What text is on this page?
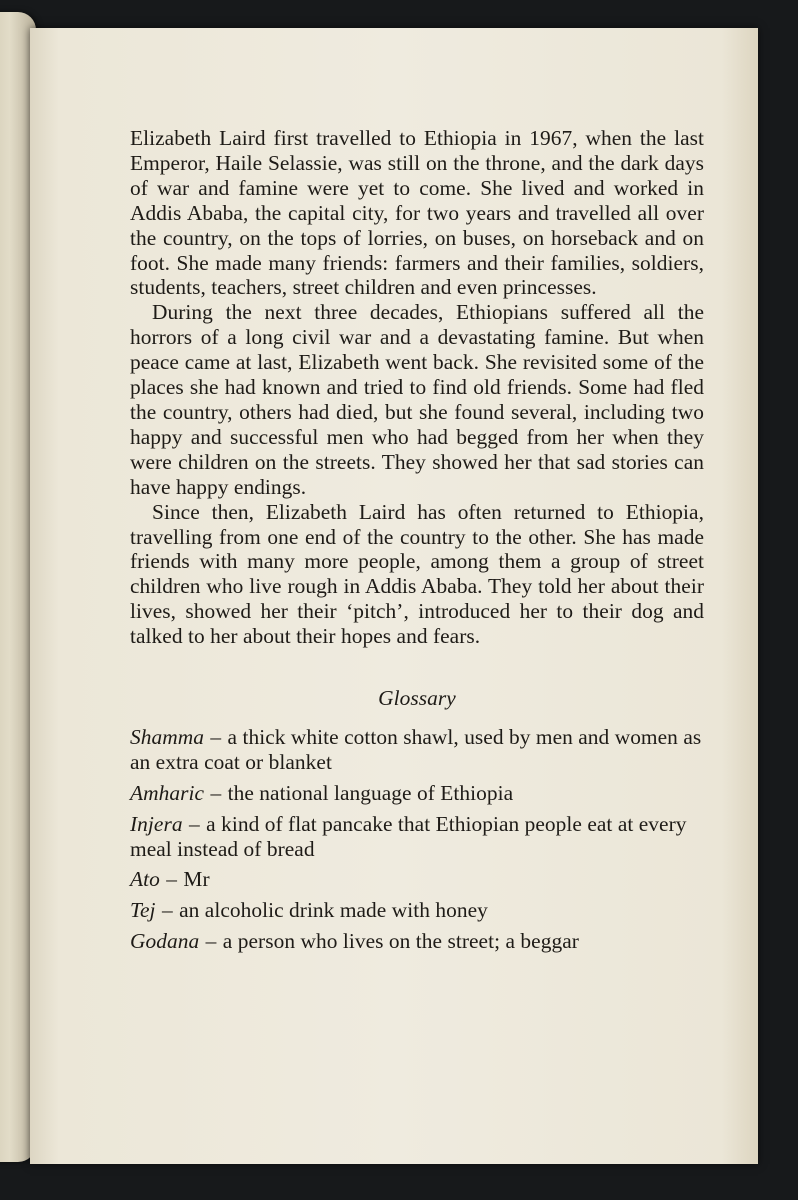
Elizabeth Laird first travelled to Ethiopia in 1967, when the last Emperor, Haile Selassie, was still on the throne, and the dark days of war and famine were yet to come. She lived and worked in Addis Ababa, the capital city, for two years and travelled all over the country, on the tops of lorries, on buses, on horseback and on foot. She made many friends: farmers and their families, soldiers, students, teachers, street children and even princesses.

During the next three decades, Ethiopians suffered all the horrors of a long civil war and a devastating famine. But when peace came at last, Elizabeth went back. She revisited some of the places she had known and tried to find old friends. Some had fled the country, others had died, but she found several, including two happy and successful men who had begged from her when they were children on the streets. They showed her that sad stories can have happy endings.

Since then, Elizabeth Laird has often returned to Ethiopia, travelling from one end of the country to the other. She has made friends with many more people, among them a group of street children who live rough in Addis Ababa. They told her about their lives, showed her their ‘pitch’, introduced her to their dog and talked to her about their hopes and fears.

Glossary

Shamma – a thick white cotton shawl, used by men and women as an extra coat or blanket

Amharic – the national language of Ethiopia

Injera – a kind of flat pancake that Ethiopian people eat at every meal instead of bread

Ato – Mr

Tej – an alcoholic drink made with honey

Godana – a person who lives on the street; a beggar
